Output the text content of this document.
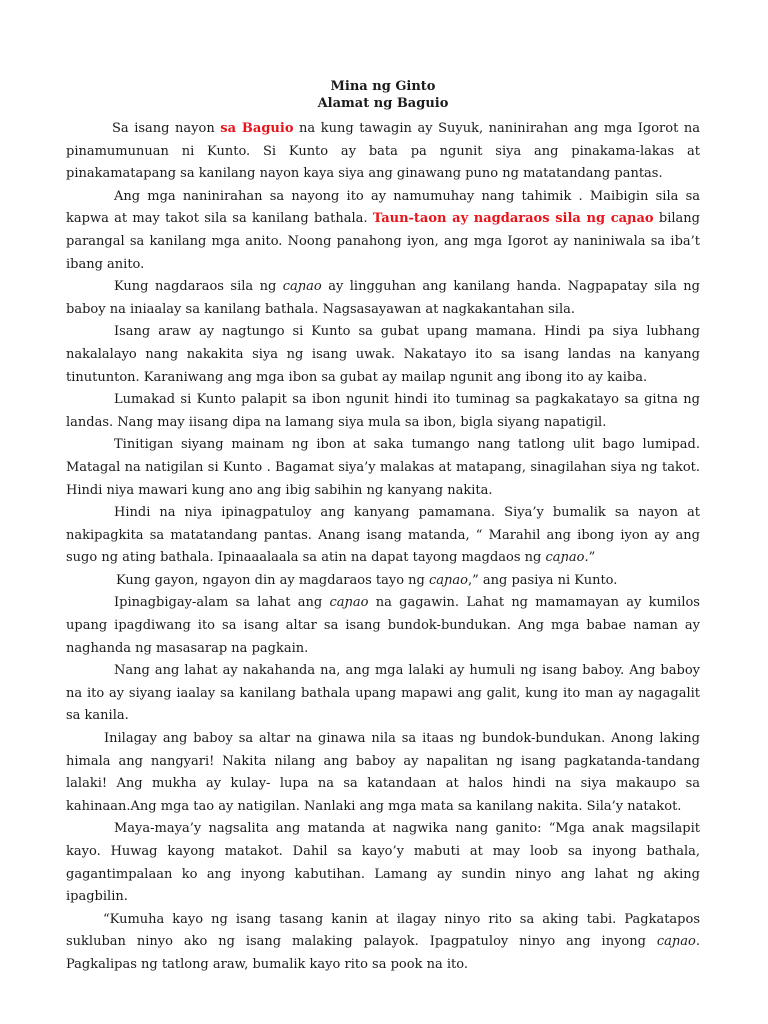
Mina ng Ginto

Alamat ng Baguio

Sa isang nayon sa Baguio na kung tawagin ay Suyuk, naninirahan ang mga Igorot na pinamumunuan ni Kunto. Si Kunto ay bata pa ngunit siya ang pinakama-lakas at pinakamatapang sa kanilang nayon kaya siya ang ginawang puno ng matatandang pantas.

Ang mga naninirahan sa nayong ito ay namumuhay nang tahimik . Maibigin sila sa kapwa at may takot sila sa kanilang bathala. Taun-taon ay nagdaraos sila ng caɲao bilang parangal sa kanilang mga anito. Noong panahong iyon, ang mga Igorot ay naniniwala sa iba’t ibang anito.

Kung nagdaraos sila ng caɲao ay lingguhan ang kanilang handa. Nagpapatay sila ng baboy na iniaalay sa kanilang bathala. Nagsasayawan at nagkakantahan sila.

Isang araw ay nagtungo si Kunto sa gubat upang mamana. Hindi pa siya lubhang nakalalayo nang nakakita siya ng isang uwak. Nakatayo ito sa isang landas na kanyang tinutunton. Karaniwang ang mga ibon sa gubat ay mailap ngunit ang ibong ito ay kaiba.

Lumakad si Kunto palapit sa ibon ngunit hindi ito tuminag sa pagkakatayo sa gitna ng landas. Nang may iisang dipa na lamang siya mula sa ibon, bigla siyang napatigil.

Tinitigan siyang mainam ng ibon at saka tumango nang tatlong ulit bago lumipad. Matagal na natigilan si Kunto . Bagamat siya’y malakas at matapang, sinagilahan siya ng takot. Hindi niya mawari kung ano ang ibig sabihin ng kanyang nakita.

Hindi na niya ipinagpatuloy ang kanyang pamamana. Siya’y bumalik sa nayon at nakipagkita sa matatandang pantas. Anang isang matanda, “ Marahil ang ibong iyon ay ang sugo ng ating bathala. Ipinaaalaala sa atin na dapat tayong magdaos ng caɲao.”

Kung gayon, ngayon din ay magdaraos tayo ng caɲao,” ang pasiya ni Kunto.

Ipinagbigay-alam sa lahat ang caɲao na gagawin. Lahat ng mamamayan ay kumilos upang ipagdiwang ito sa isang altar sa isang bundok-bundukan. Ang mga babae naman ay naghanda ng masasarap na pagkain.

Nang ang lahat ay nakahanda na, ang mga lalaki ay humuli ng isang baboy. Ang baboy na ito ay siyang iaalay sa kanilang bathala upang mapawi ang galit, kung ito man ay nagagalit sa kanila.

Inilagay ang baboy sa altar na ginawa nila sa itaas ng bundok-bundukan. Anong laking himala ang nangyari! Nakita nilang ang baboy ay napalitan ng isang pagkatanda-tandang lalaki! Ang mukha ay kulay- lupa na sa katandaan at halos hindi na siya makaupo sa kahinaan.Ang mga tao ay natigilan. Nanlaki ang mga mata sa kanilang nakita. Sila’y natakot.

Maya-maya’y nagsalita ang matanda at nagwika nang ganito: “Mga anak magsilapit kayo. Huwag kayong matakot. Dahil sa kayo’y mabuti at may loob sa inyong bathala, gagantimpalaan ko ang inyong kabutihan. Lamang ay sundin ninyo ang lahat ng aking ipagbilin.

“Kumuha kayo ng isang tasang kanin at ilagay ninyo rito sa aking tabi. Pagkatapos sukluban ninyo ako ng isang malaking palayok. Ipagpatuloy ninyo ang inyong caɲao. Pagkalipas ng tatlong araw, bumalik kayo rito sa pook na ito.
